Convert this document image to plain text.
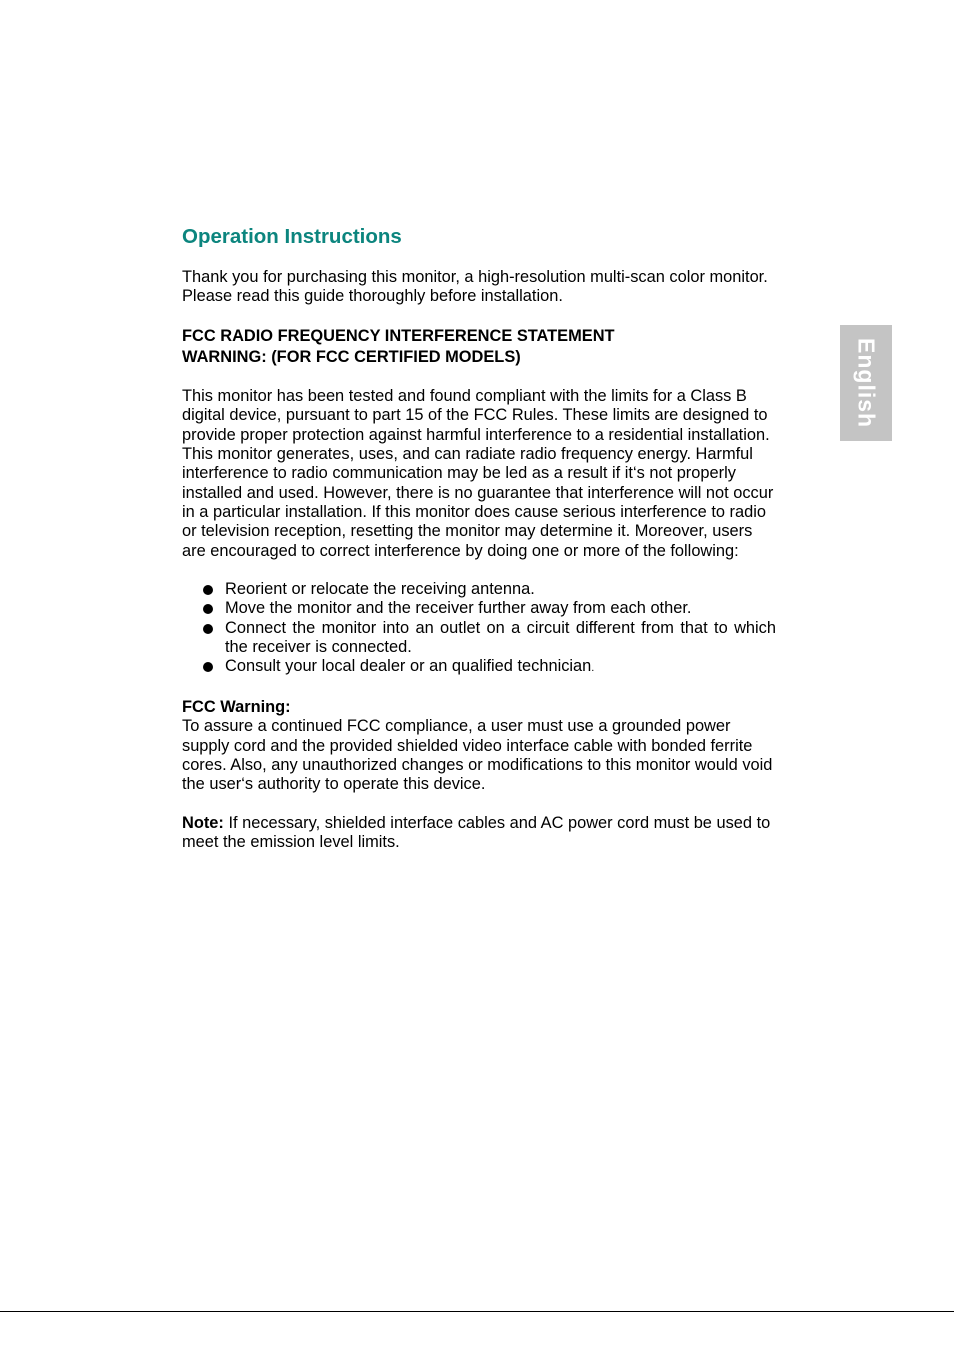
English
Operation Instructions

Thank you for purchasing this monitor, a high-resolution multi-scan color monitor.

Please read this guide thoroughly before installation.

FCC RADIO FREQUENCY INTERFERENCE STATEMENT

WARNING: (FOR FCC CERTIFIED MODELS)

This monitor has been tested and found compliant with the limits for a Class B digital device, pursuant to part 15 of the FCC Rules. These limits are designed to provide proper protection against harmful interference to a residential installation. This monitor generates, uses, and can radiate radio frequency energy. Harmful interference to radio communication may be led as a result if it‘s not properly installed and used. However, there is no guarantee that interference will not occur in a particular installation. If this monitor does cause serious interference to radio or television reception, resetting the monitor may determine it. Moreover, users are encouraged to correct interference by doing one or more of the following:

Reorient or relocate the receiving antenna.
Move the monitor and the receiver further away from each other.
Connect the monitor into an outlet on a circuit different from that to which the receiver is connected.
Consult your local dealer or an qualified technician.

FCC Warning:

To assure a continued FCC compliance, a user must use a grounded power supply cord and the provided shielded video interface cable with bonded ferrite cores. Also, any unauthorized changes or modifications to this monitor would void the user‘s authority to operate this device.

Note: If necessary, shielded interface cables and AC power cord must be used to meet the emission level limits.
